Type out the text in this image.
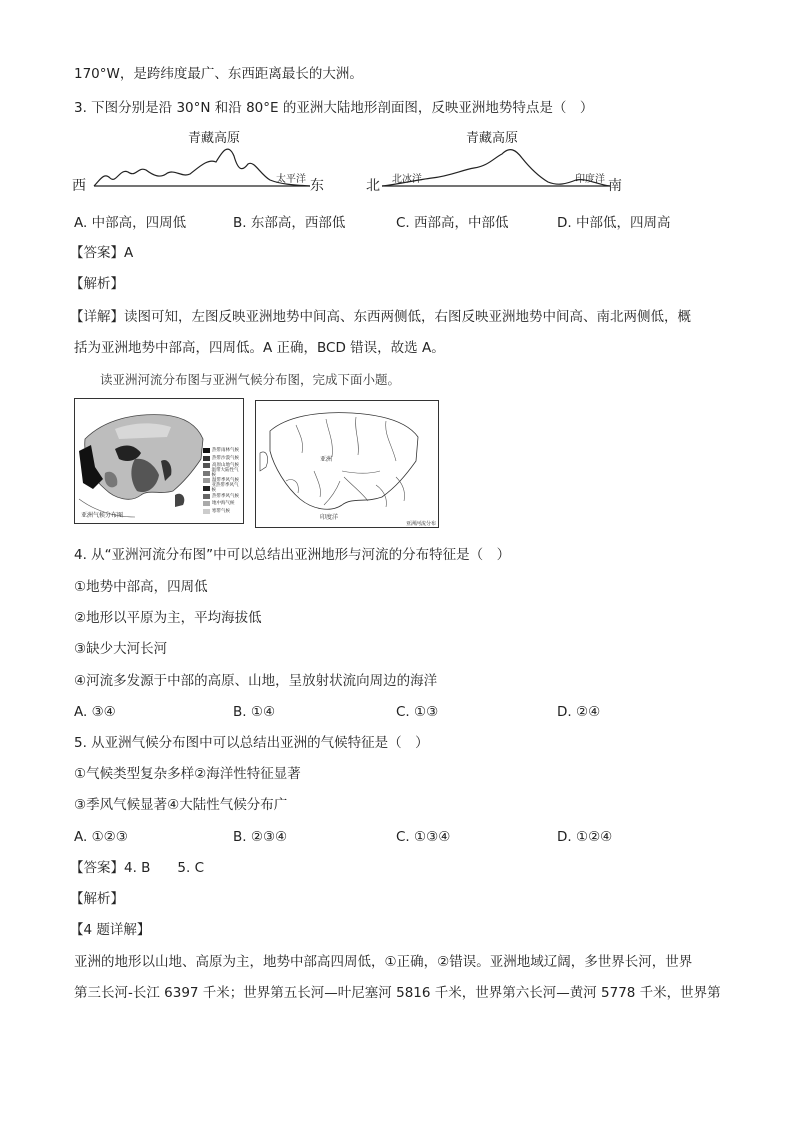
170°W，是跨纬度最广、东西距离最长的大洲。
3. 下图分别是沿 30°N 和沿 80°E 的亚洲大陆地形剖面图，反映亚洲地势特点是（　）
青藏高原
西	东
太平洋
青藏高原
北	南
北冰洋	印度洋
A. 中部高，四周低	B. 东部高，西部低	C. 西部高，中部低	D. 中部低，四周高
【答案】A
【解析】
【详解】读图可知，左图反映亚洲地势中间高、东西两侧低，右图反映亚洲地势中间高、南北两侧低，概
括为亚洲地势中部高，四周低。A 正确，BCD 错误，故选 A。
读亚洲河流分布图与亚洲气候分布图，完成下面小题。
亚洲气候分布图
热带雨林气候
热带沙漠气候
高原山地气候
温带大陆性气候
温带季风气候
亚热带季风气候
热带季风气候
地中海气候
寒带气候
亚洲
印度洋
亚洲河流分布
4. 从“亚洲河流分布图”中可以总结出亚洲地形与河流的分布特征是（　）
①地势中部高，四周低
②地形以平原为主，平均海拔低
③缺少大河长河
④河流多发源于中部的高原、山地，呈放射状流向周边的海洋
A. ③④	B. ①④	C. ①③	D. ②④
5. 从亚洲气候分布图中可以总结出亚洲的气候特征是（　）
①气候类型复杂多样②海洋性特征显著
③季风气候显著④大陆性气候分布广
A. ①②③	B. ②③④	C. ①③④	D. ①②④
【答案】4. B　　5. C
【解析】
【4 题详解】
亚洲的地形以山地、高原为主，地势中部高四周低，①正确，②错误。亚洲地域辽阔，多世界长河，世界
第三长河-长江 6397 千米；世界第五长河—叶尼塞河 5816 千米，世界第六长河—黄河 5778 千米，世界第
